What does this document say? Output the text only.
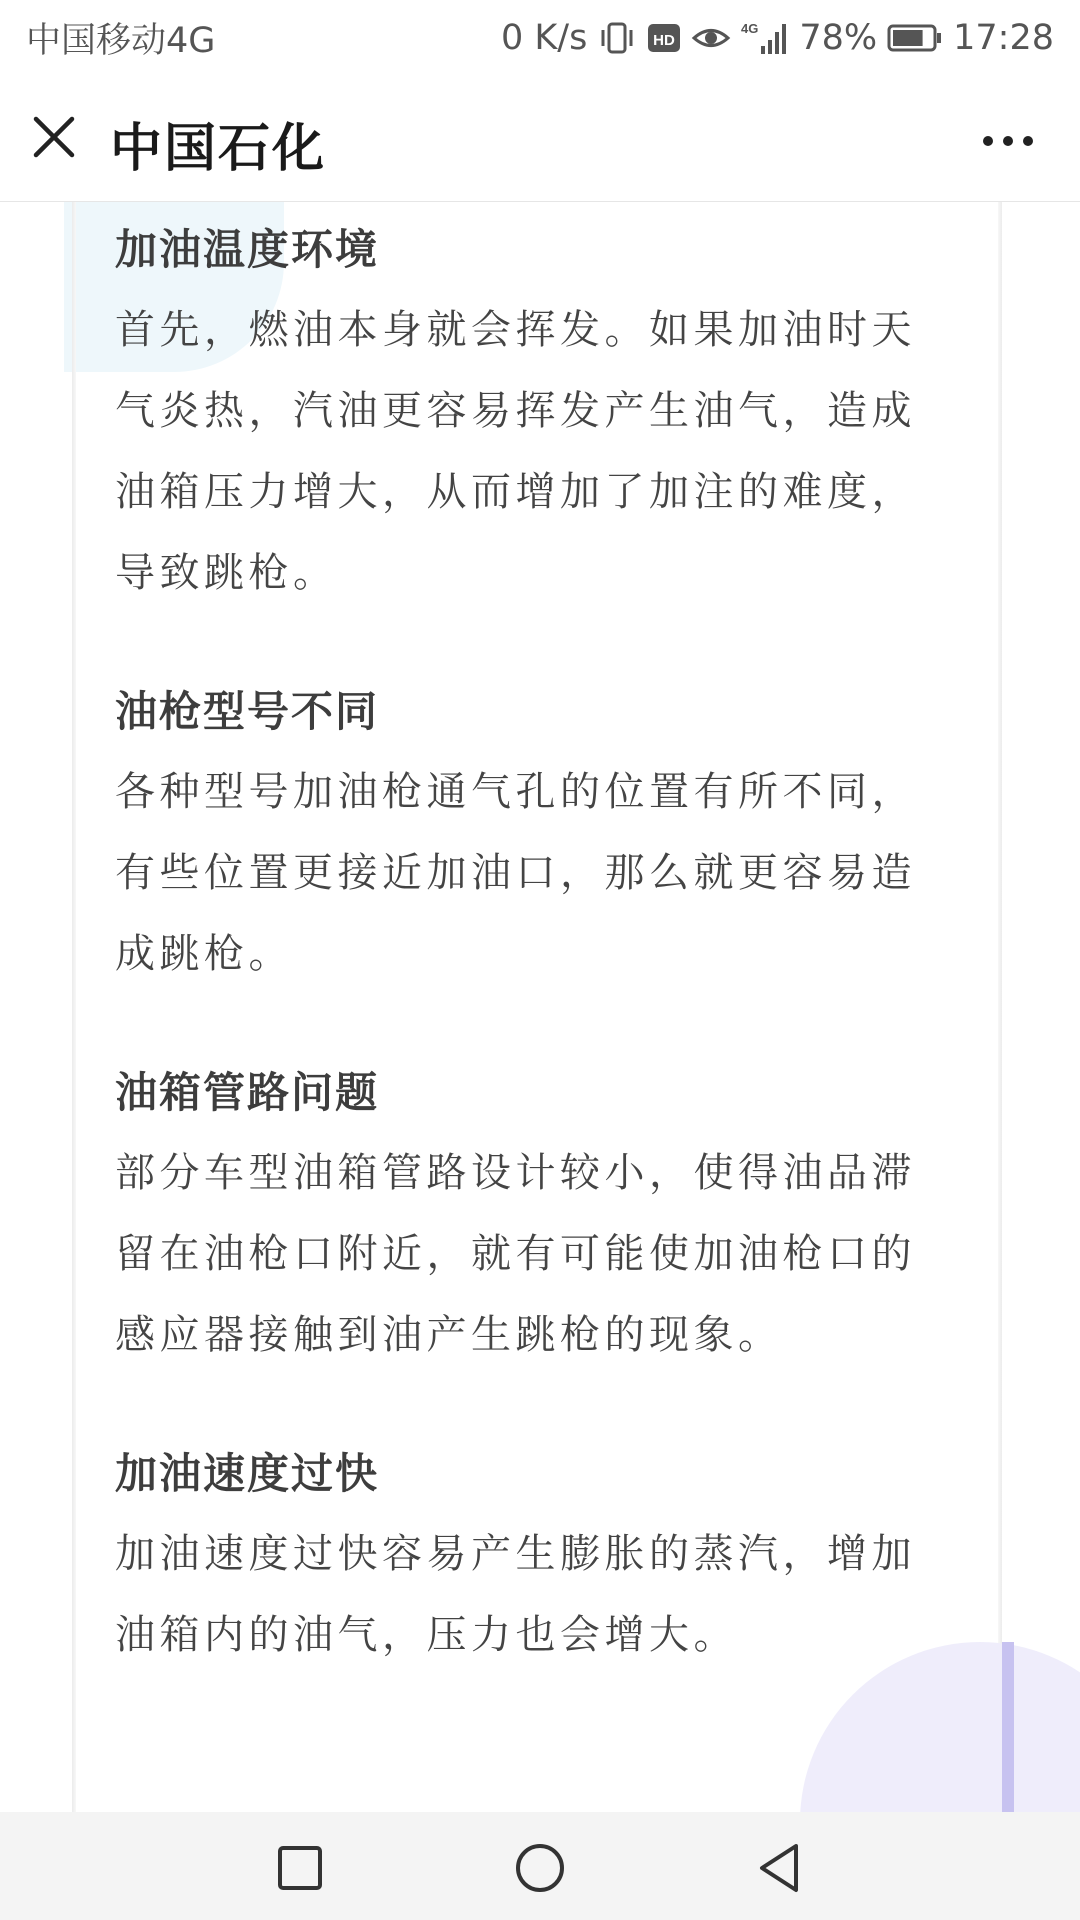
中国移动4G	0 K/s	HD
4G 78% 17:28
中国石化

加油温度环境

首先，燃油本身就会挥发。如果加油时天气炎热，汽油更容易挥发产生油气，造成油箱压力增大，从而增加了加注的难度，导致跳枪。

油枪型号不同

各种型号加油枪通气孔的位置有所不同，有些位置更接近加油口，那么就更容易造成跳枪。

油箱管路问题

部分车型油箱管路设计较小，使得油品滞留在油枪口附近，就有可能使加油枪口的感应器接触到油产生跳枪的现象。

加油速度过快

加油速度过快容易产生膨胀的蒸汽，增加油箱内的油气，压力也会增大。
